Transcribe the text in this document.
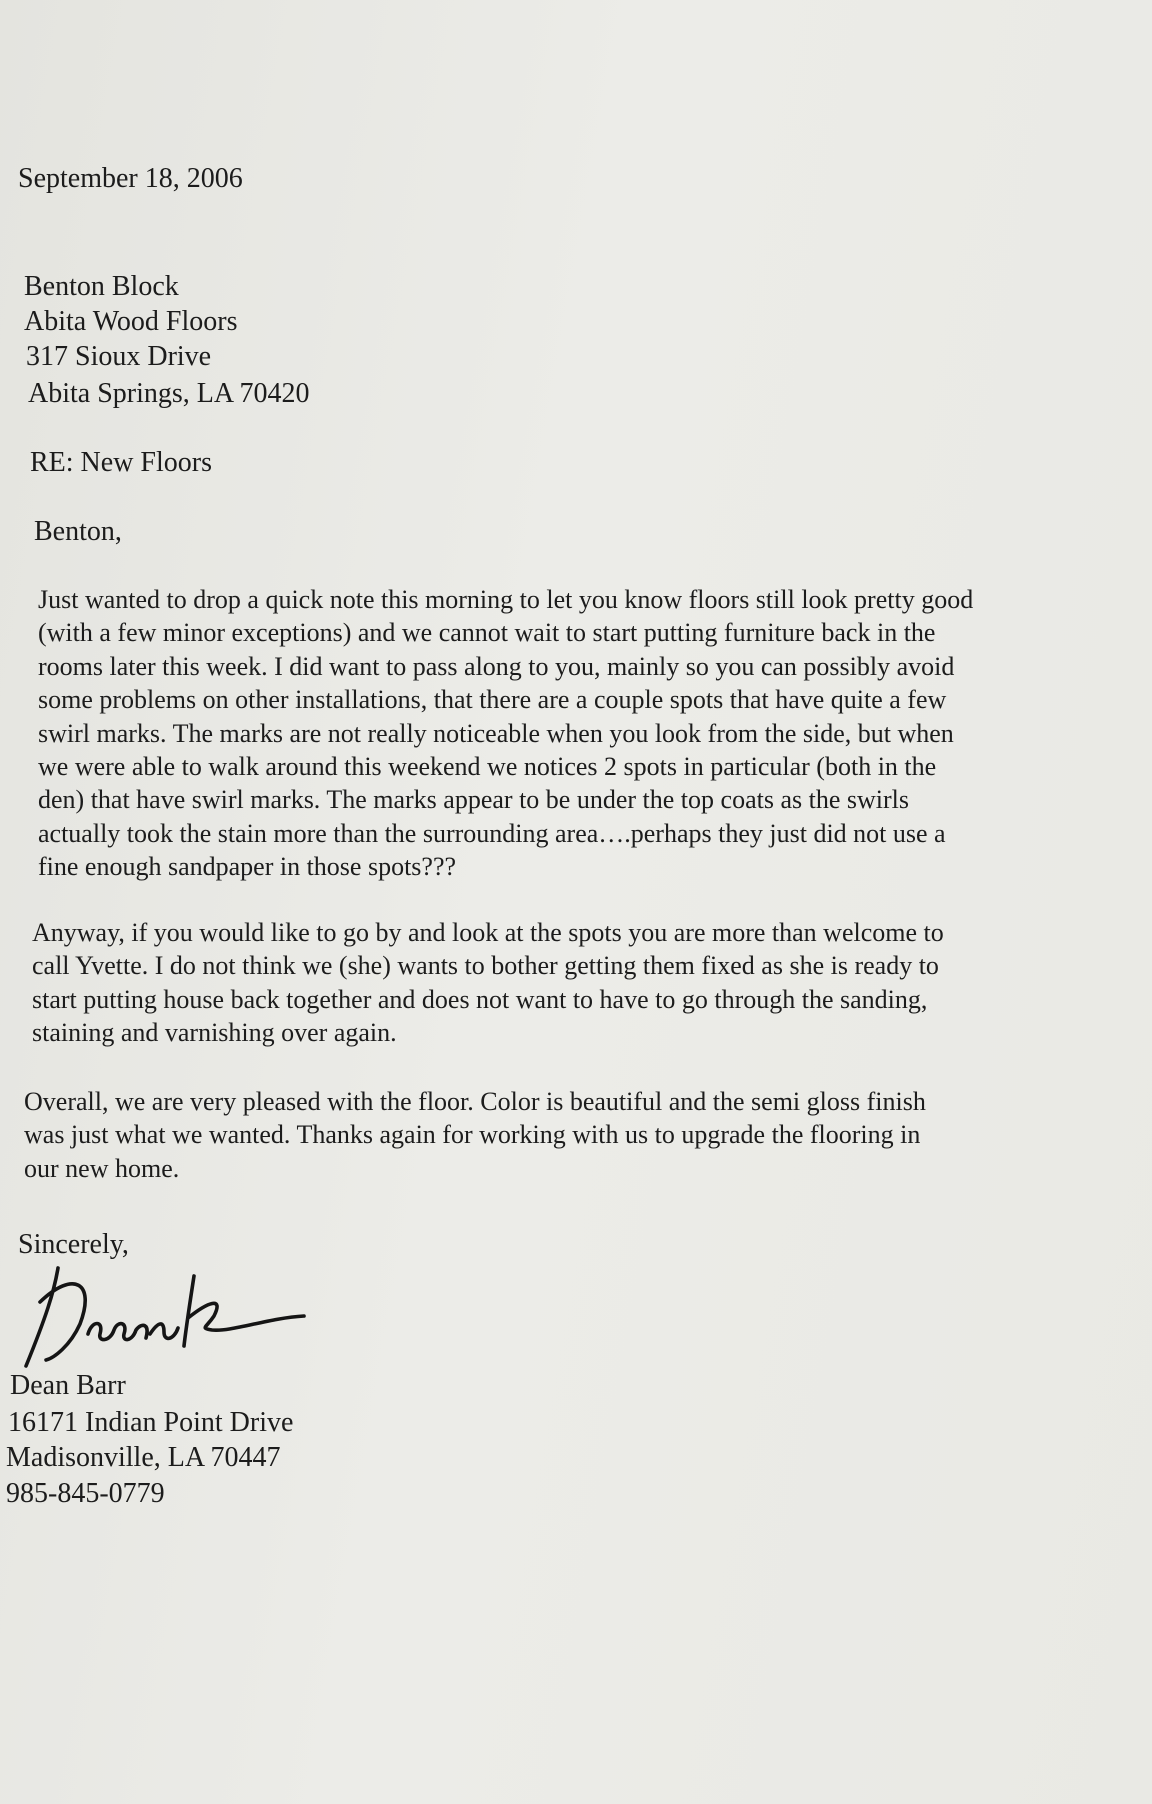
September 18, 2006
Benton Block
Abita Wood Floors
317 Sioux Drive
Abita Springs, LA 70420
RE: New Floors
Benton,
Just wanted to drop a quick note this morning to let you know floors still look pretty good
(with a few minor exceptions) and we cannot wait to start putting furniture back in the
rooms later this week. I did want to pass along to you, mainly so you can possibly avoid
some problems on other installations, that there are a couple spots that have quite a few
swirl marks. The marks are not really noticeable when you look from the side, but when
we were able to walk around this weekend we notices 2 spots in particular (both in the
den) that have swirl marks. The marks appear to be under the top coats as the swirls
actually took the stain more than the surrounding area….perhaps they just did not use a
fine enough sandpaper in those spots???
Anyway, if you would like to go by and look at the spots you are more than welcome to
call Yvette. I do not think we (she) wants to bother getting them fixed as she is ready to
start putting house back together and does not want to have to go through the sanding,
staining and varnishing over again.
Overall, we are very pleased with the floor. Color is beautiful and the semi gloss finish
was just what we wanted. Thanks again for working with us to upgrade the flooring in
our new home.
Sincerely,
Dean Barr
16171 Indian Point Drive
Madisonville, LA 70447
985-845-0779
